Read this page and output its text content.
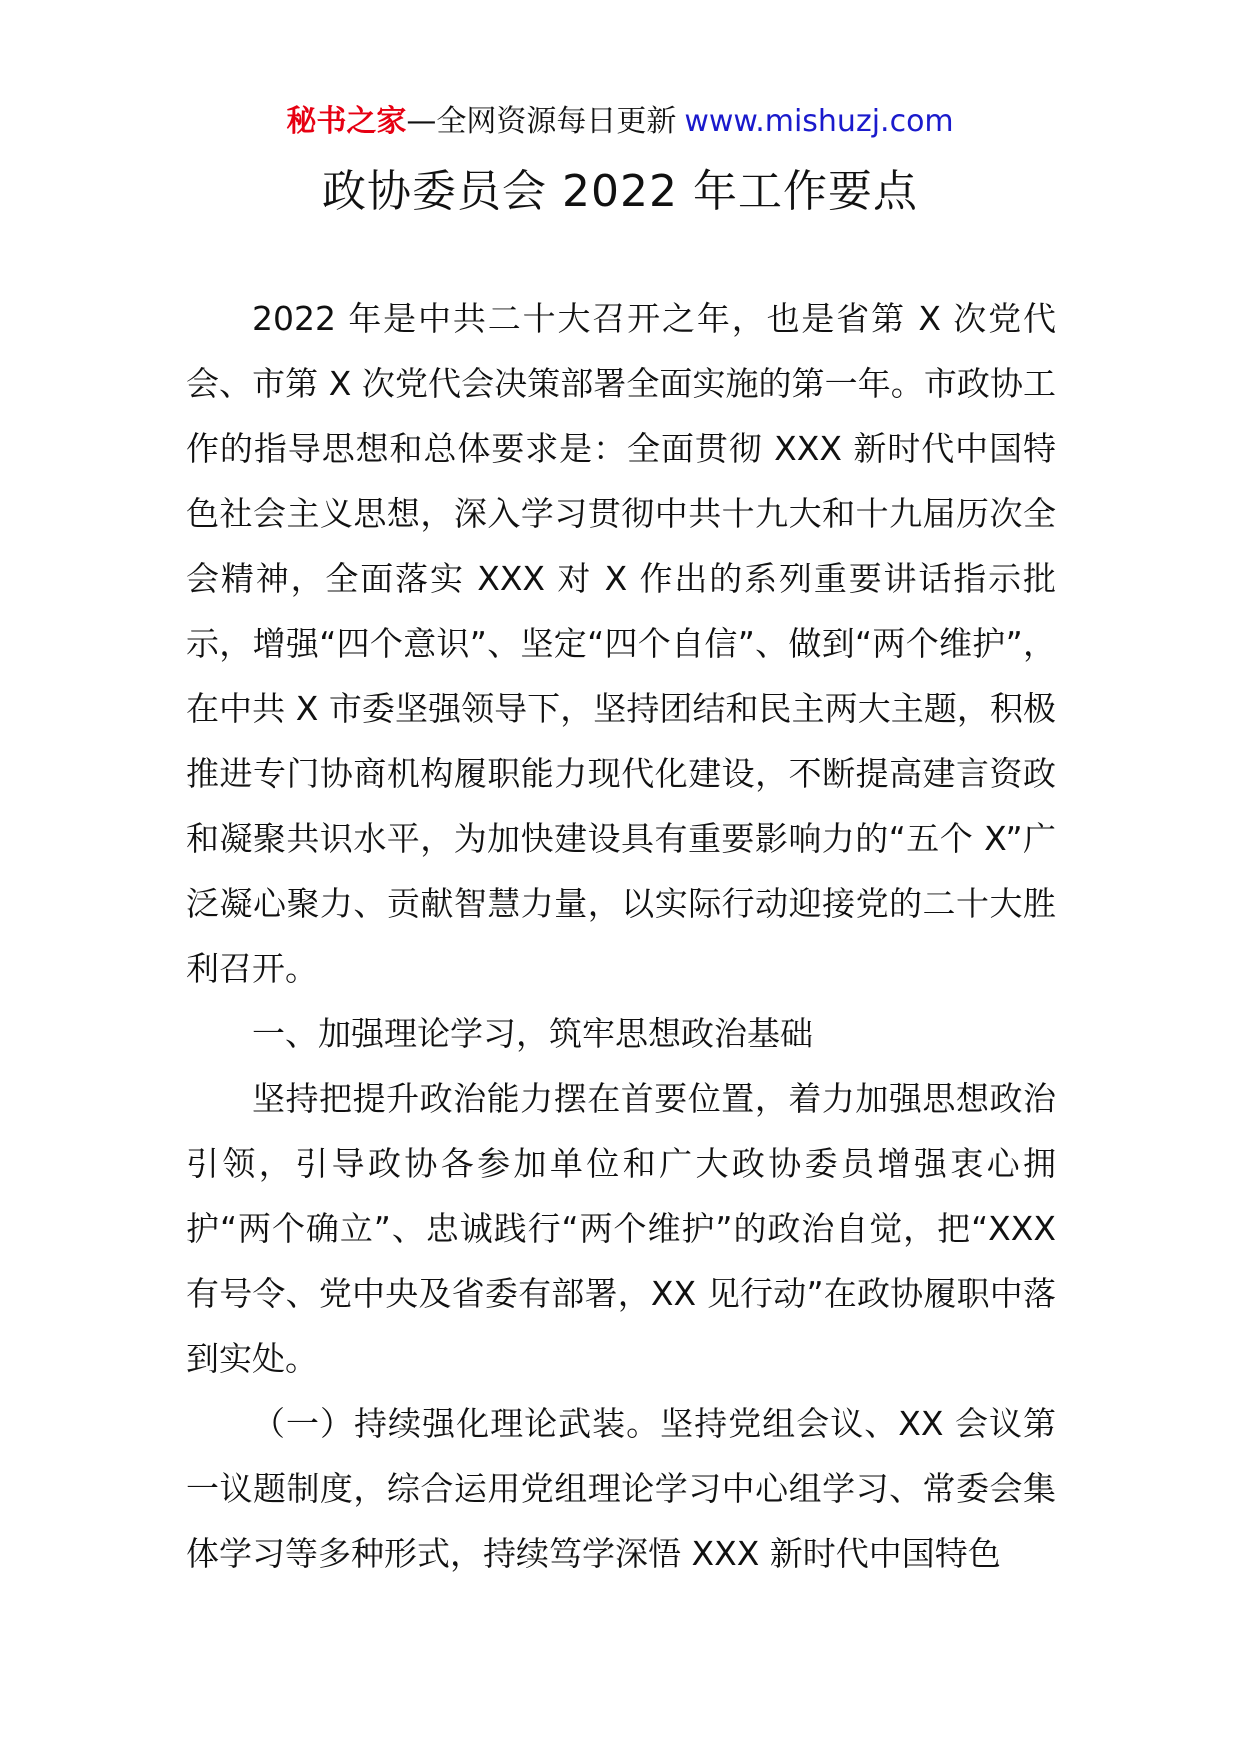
秘书之家—全网资源每日更新 www.mishuzj.com
政协委员会 2022 年工作要点

2022 年是中共二十大召开之年，也是省第 X 次党代会、市第 X 次党代会决策部署全面实施的第一年。市政协工作的指导思想和总体要求是：全面贯彻 XXX 新时代中国特色社会主义思想，深入学习贯彻中共十九大和十九届历次全会精神，全面落实 XXX 对 X 作出的系列重要讲话指示批示，增强“四个意识”、坚定“四个自信”、做到“两个维护”，在中共 X 市委坚强领导下，坚持团结和民主两大主题，积极推进专门协商机构履职能力现代化建设，不断提高建言资政和凝聚共识水平，为加快建设具有重要影响力的“五个 X”广泛凝心聚力、贡献智慧力量，以实际行动迎接党的二十大胜利召开。

一、加强理论学习，筑牢思想政治基础

坚持把提升政治能力摆在首要位置，着力加强思想政治引领，引导政协各参加单位和广大政协委员增强衷心拥护“两个确立”、忠诚践行“两个维护”的政治自觉，把“XXX 有号令、党中央及省委有部署，XX 见行动”在政协履职中落到实处。

（一）持续强化理论武装。坚持党组会议、XX 会议第一议题制度，综合运用党组理论学习中心组学习、常委会集体学习等多种形式，持续笃学深悟 XXX 新时代中国特色
